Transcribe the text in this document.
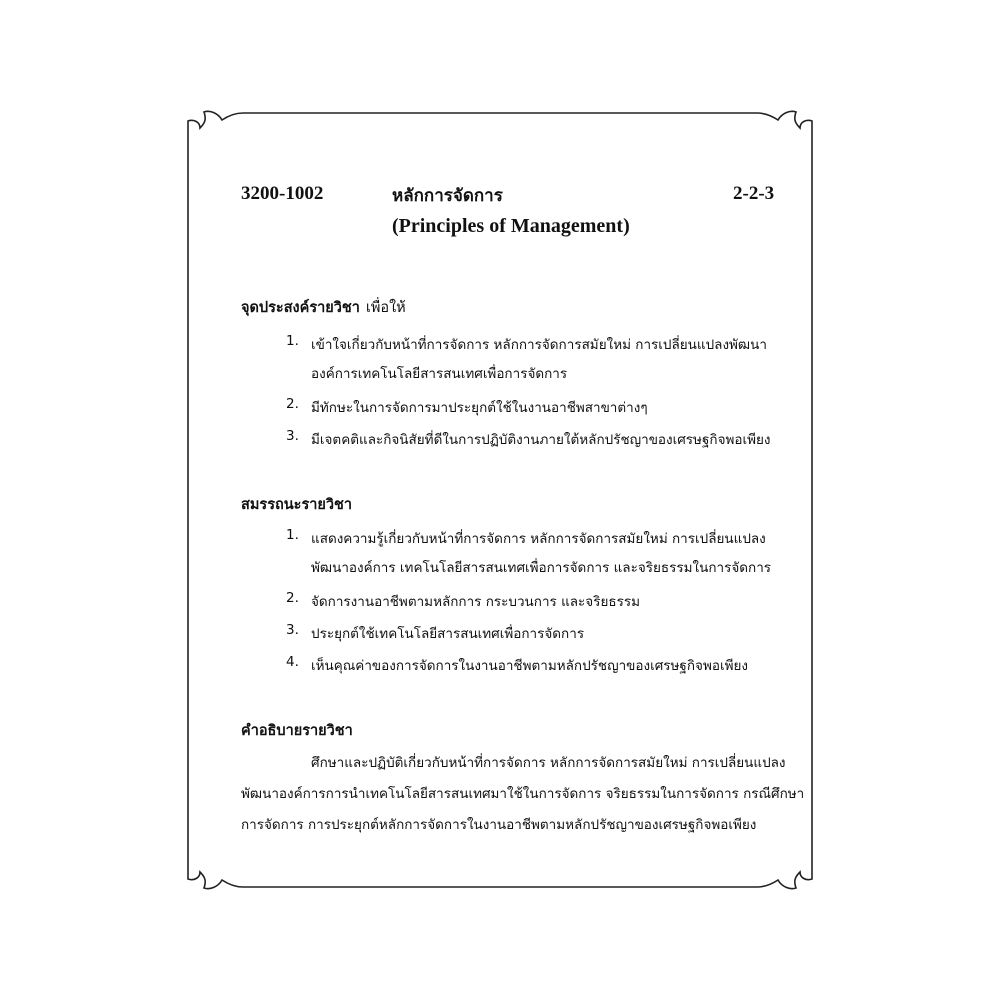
3200-1002	หลักการจัดการ	2-2-3
(Principles of Management)
จุดประสงค์รายวิชา เพื่อให้
1. เข้าใจเกี่ยวกับหน้าที่การจัดการ หลักการจัดการสมัยใหม่ การเปลี่ยนแปลงพัฒนา
องค์การเทคโนโลยีสารสนเทศเพื่อการจัดการ
2. มีทักษะในการจัดการมาประยุกต์ใช้ในงานอาชีพสาขาต่างๆ
3. มีเจตคติและกิจนิสัยที่ดีในการปฏิบัติงานภายใต้หลักปรัชญาของเศรษฐกิจพอเพียง
สมรรถนะรายวิชา
1. แสดงความรู้เกี่ยวกับหน้าที่การจัดการ หลักการจัดการสมัยใหม่ การเปลี่ยนแปลง
พัฒนาองค์การ เทคโนโลยีสารสนเทศเพื่อการจัดการ และจริยธรรมในการจัดการ
2. จัดการงานอาชีพตามหลักการ กระบวนการ และจริยธรรม
3. ประยุกต์ใช้เทคโนโลยีสารสนเทศเพื่อการจัดการ
4. เห็นคุณค่าของการจัดการในงานอาชีพตามหลักปรัชญาของเศรษฐกิจพอเพียง
คำอธิบายรายวิชา
ศึกษาและปฏิบัติเกี่ยวกับหน้าที่การจัดการ หลักการจัดการสมัยใหม่ การเปลี่ยนแปลง
พัฒนาองค์การการนำเทคโนโลยีสารสนเทศมาใช้ในการจัดการ จริยธรรมในการจัดการ กรณีศึกษา
การจัดการ การประยุกต์หลักการจัดการในงานอาชีพตามหลักปรัชญาของเศรษฐกิจพอเพียง
